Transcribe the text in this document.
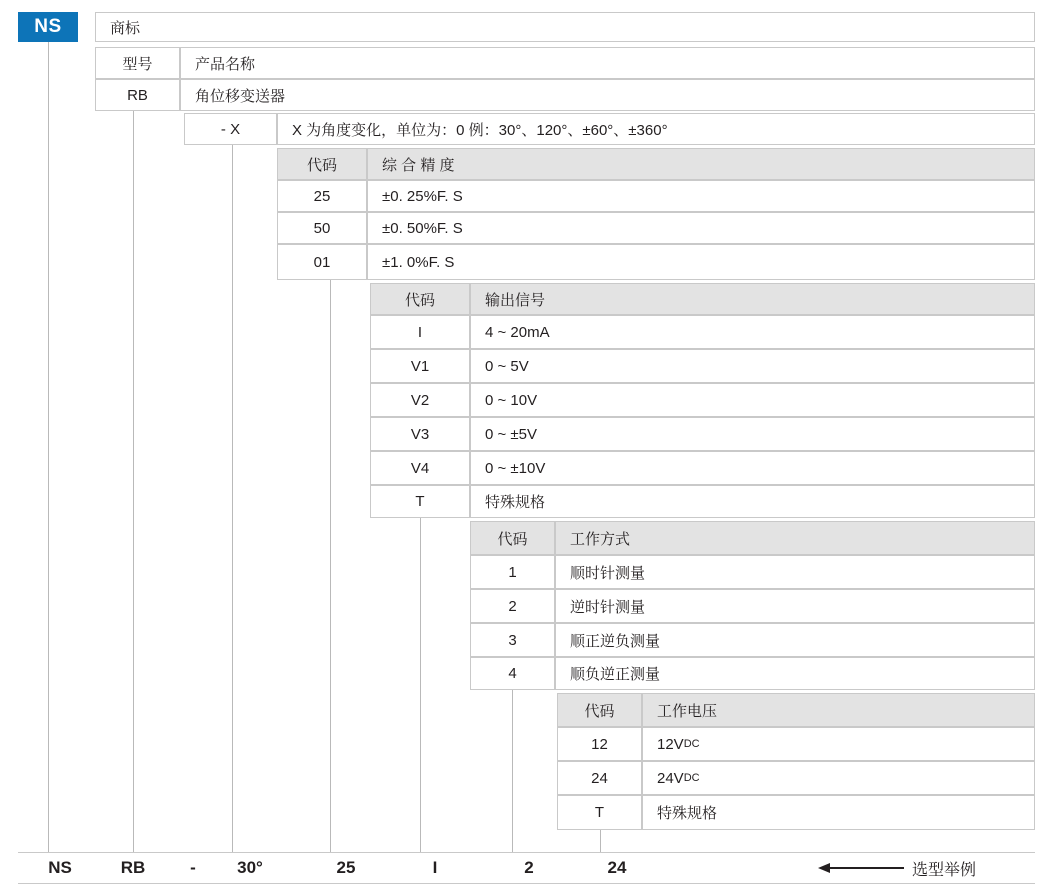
NS	商标
型号	产品名称
RB	角位移变送器
- X	X 为角度变化，单位为：0 例：30°、120°、±60°、±360°
代码	综 合 精 度
25	±0. 25%F. S
50	±0. 50%F. S
01	±1. 0%F. S
代码	输出信号
I	4 ~ 20mA
V1	0 ~ 5V
V2	0 ~ 10V
V3	0 ~ ±5V
V4	0 ~ ±10V
T	特殊规格
代码	工作方式
1	顺时针测量
2	逆时针测量
3	顺正逆负测量
4	顺负逆正测量
代码	工作电压
12	12V DC
24	24V DC
T	特殊规格
NS	RB	- 30°	25	I	2	24	选型举例
